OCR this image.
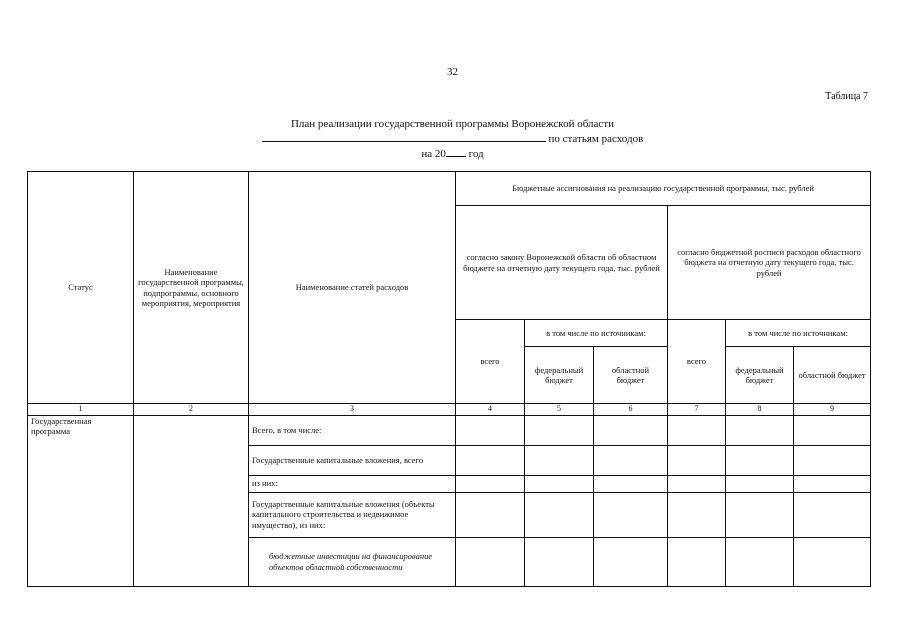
32
Таблица 7
План реализации государственной программы Воронежской области
по статьям расходов
на 20 год
Статус	Наименование государственной программы, подпрограммы, основного мероприятия, мероприятия	Наименование статей расходов	Бюджетные ассигнования на реализацию государственной программы, тыс. рублей					
			согласно закону Воронежской области об областном бюджете на отчетную дату текущего года, тыс. рублей			согласно бюджетной росписи расходов областного бюджета на отчетную дату текущего года, тыс. рублей		
			всего	в том числе по источникам:		всего	в том числе по источникам:	
				федеральный бюджет	областной бюджет		федеральный бюджет	областной бюджет
1	2	3	4	5	6	7	8	9
Государственная программа		Всего, в том числе:						
		Государственные капитальные вложения, всего						
		из них:						
		Государственные капитальные вложения (объекты капитального строительства и недвижимое имущество), из них:						
		бюджетные инвестиции на финансирование объектов областной собственности						
